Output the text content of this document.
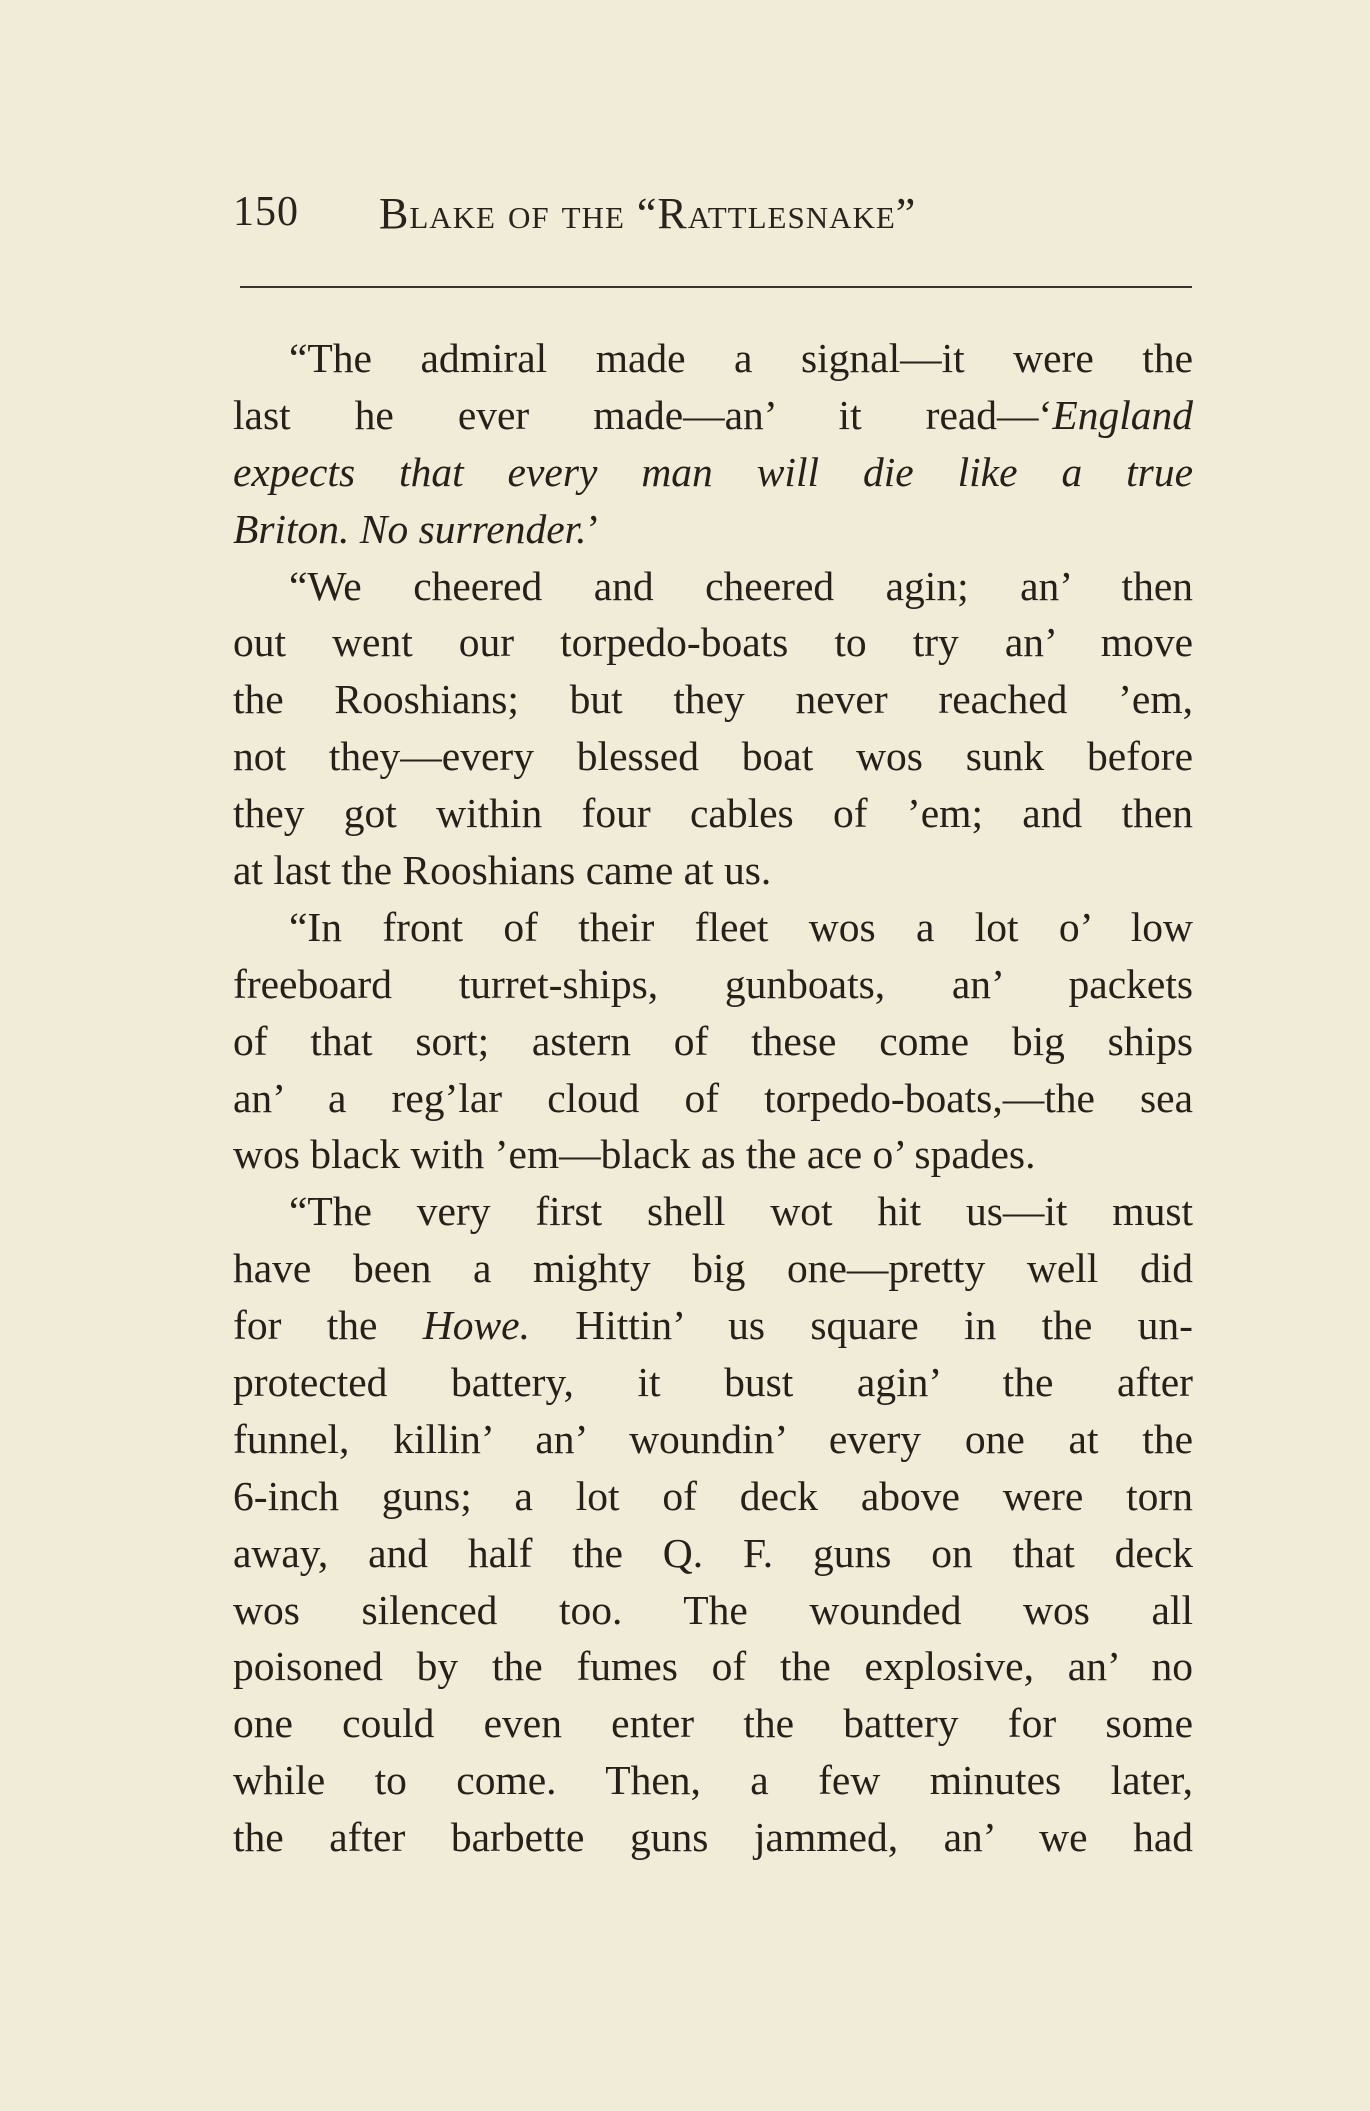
150 Blake of the “Rattlesnake”
“The admiral made a signal—it were the
last he ever made—an’ it read—‘England
expects that every man will die like a true
Briton. No surrender.’
“We cheered and cheered agin; an’ then
out went our torpedo-boats to try an’ move
the Rooshians; but they never reached ’em,
not they—every blessed boat wos sunk before
they got within four cables of ’em; and then
at last the Rooshians came at us.
“In front of their fleet wos a lot o’ low
freeboard turret-ships, gunboats, an’ packets
of that sort; astern of these come big ships
an’ a reg’lar cloud of torpedo-boats,—the sea
wos black with ’em—black as the ace o’ spades.
“The very first shell wot hit us—it must
have been a mighty big one—pretty well did
for the Howe. Hittin’ us square in the un-
protected battery, it bust agin’ the after
funnel, killin’ an’ woundin’ every one at the
6-inch guns; a lot of deck above were torn
away, and half the Q. F. guns on that deck
wos silenced too. The wounded wos all
poisoned by the fumes of the explosive, an’ no
one could even enter the battery for some
while to come. Then, a few minutes later,
the after barbette guns jammed, an’ we had
